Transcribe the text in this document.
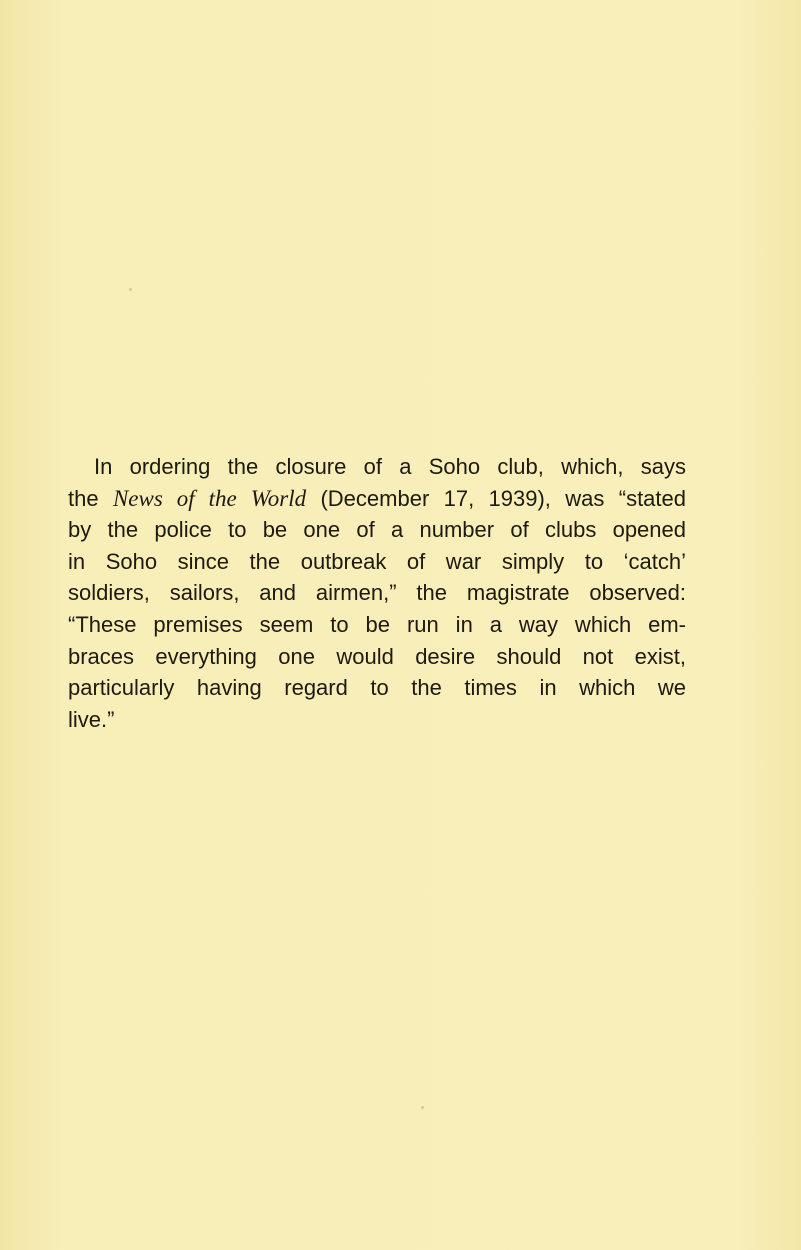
In ordering the closure of a Soho club, which, says
the News of the World (December 17, 1939), was “stated
by the police to be one of a number of clubs opened
in Soho since the outbreak of war simply to ‘catch’
soldiers, sailors, and airmen,” the magistrate observed:
“These premises seem to be run in a way which em-
braces everything one would desire should not exist,
particularly having regard to the times in which we
live.”
